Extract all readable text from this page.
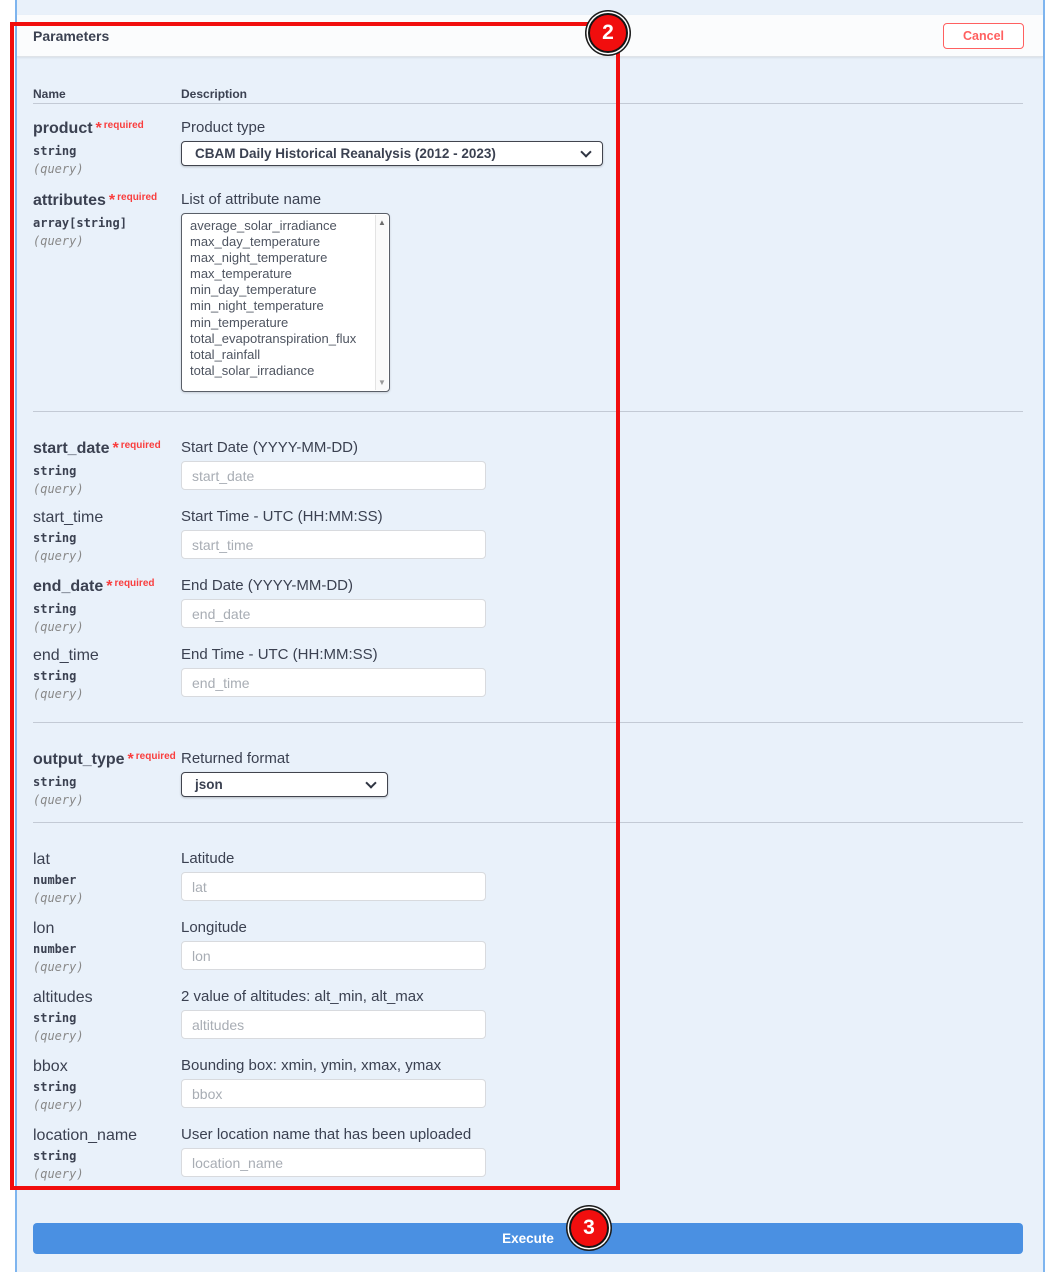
Parameters	Cancel
Name	Description
product * $^{required}$
string
(query)
Product type
CBAM Daily Historical Reanalysis (2012 - 2023)
attributes * $^{required}$
array[string]
(query)
List of attribute name
average_solar_irradiance
max_day_temperature
max_night_temperature
max_temperature
min_day_temperature
min_night_temperature
min_temperature
total_evapotranspiration_flux
total_rainfall
total_solar_irradiance
▲
▼
start_date * $^{required}$
string
(query)
Start Date (YYYY-MM-DD)
start_date
start_time
string
(query)
Start Time - UTC (HH:MM:SS)
start_time
end_date * $^{required}$
string
(query)
End Date (YYYY-MM-DD)
end_date
end_time
string
(query)
End Time - UTC (HH:MM:SS)
end_time
output_type * $^{required}$
string
(query)
Returned format
json
lat
number
(query)
Latitude
lat
lon
number
(query)
Longitude
lon
altitudes
string
(query)
2 value of altitudes: alt_min, alt_max
altitudes
bbox
string
(query)
Bounding box: xmin, ymin, xmax, ymax
bbox
location_name
string
(query)
User location name that has been uploaded
location_name
Execute
2
3
